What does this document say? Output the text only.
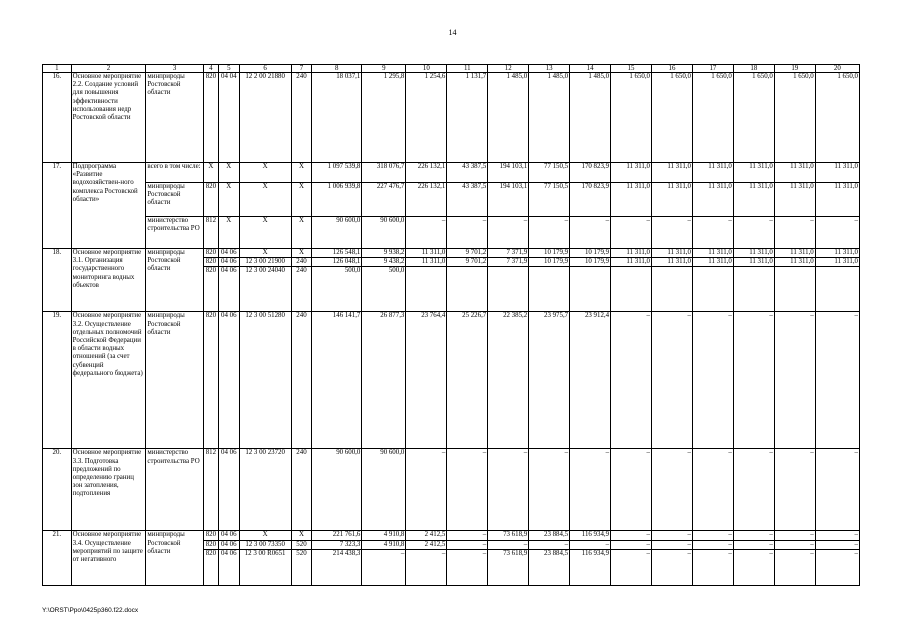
14
1	2	3	4	5	6	7	8	9	10	11	12	13	14	15	16	17	18	19	20
16.	Основное мероприятие 2.2. Создание условий для повышения эффективности использования недр Ростовской области	минприроды Ростовской области	820	04 04	12 2 00 21880	240	18 037,1	1 295,8	1 254,6	1 131,7	1 485,0	1 485,0	1 485,0	1 650,0	1 650,0	1 650,0	1 650,0	1 650,0	1 650,0
17.	Подпрограмма «Развитие водохозяйствен-ного комплекса Ростовской области»	всего в том числе:	Х	Х	Х	Х	1 097 539,8	318 076,7	226 132,1	43 387,5	194 103,1	77 150,5	170 823,9	11 311,0	11 311,0	11 311,0	11 311,0	11 311,0	11 311,0
		минприроды Ростовской области	820	Х	Х	Х	1 006 939,8	227 476,7	226 132,1	43 387,5	194 103,1	77 150,5	170 823,9	11 311,0	11 311,0	11 311,0	11 311,0	11 311,0	11 311,0
		министерство строительства РО	812	Х	Х	Х	90 600,0	90 600,0	–	–	–	–	–	–	–	–	–	–	–
18.	Основное мероприятие 3.1. Организация государственного мониторинга водных объектов	минприроды Ростовской области	820	04 06	Х	Х	126 548,1	9 938,2	11 311,0	9 701,2	7 371,9	10 179,9	10 179,9	11 311,0	11 311,0	11 311,0	11 311,0	11 311,0	11 311,0
			820	04 06	12 3 00 21900	240	126 048,1	9 438,2	11 311,0	9 701,2	7 371,9	10 179,9	10 179,9	11 311,0	11 311,0	11 311,0	11 311,0	11 311,0	11 311,0
			820	04 06	12 3 00 24040	240	500,0	500,0											
19.	Основное мероприятие 3.2. Осуществление отдельных полномочий Российской Федерации в области водных отношений (за счет субвенций федерального бюджета)	минприроды Ростовской области	820	04 06	12 3 00 51280	240	146 141,7	26 877,3	23 764,4	25 226,7	22 385,2	23 975,7	23 912,4	–	–	–	–	–	–
20.	Основное мероприятие 3.3. Подготовка предложений по определению границ зон затопления, подтопления	министерство строительства РО	812	04 06	12 3 00 23720	240	90 600,0	90 600,0	–	–	–	–	–	–	–	–	–	–	–
21.	Основное мероприятие 3.4. Осуществление мероприятий по защите от негативного	минприроды Ростовской области	820	04 06	Х	Х	221 761,6	4 910,8	2 412,5	–	73 618,9	23 884,5	116 934,9	–	–	–	–	–	–
			820	04 06	12 3 00 73350	520	7 323,3	4 910,8	2 412,5	–	–	–	–	–	–	–	–	–	–
			820	04 06	12 3 00 R0651	520	214 438,3	–	–	–	73 618,9	23 884,5	116 934,9	–	–	–	–	–	–
Y:\ORST\Ppo\0425p360.f22.docx
